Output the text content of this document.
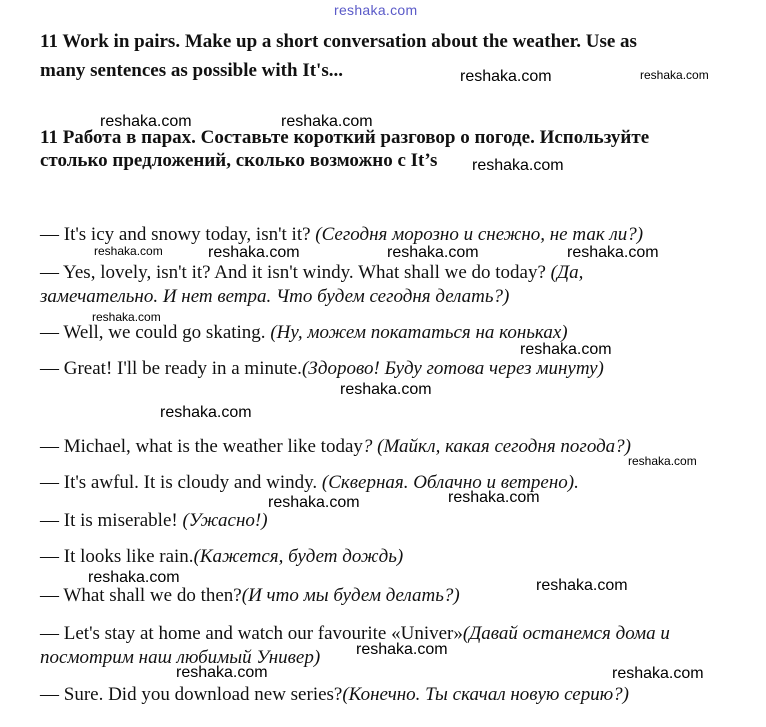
reshaka.com
11 Work in pairs. Make up a short conversation about the weather. Use as
many sentences as possible with It's...
11 Работа в парах. Составьте короткий разговор о погоде. Используйте
столько предложений, сколько возможно с It’s
— It's icy and snowy today, isn't it? (Сегодня морозно и снежно, не так ли?)
— Yes, lovely, isn't it? And it isn't windy. What shall we do today? (Да,
замечательно. И нет ветра. Что будем сегодня делать?)
— Well, we could go skating. (Ну, можем покататься на коньках)
— Great! I'll be ready in a minute.(Здорово! Буду готова через минуту)
— Michael, what is the weather like today? (Майкл, какая сегодня погода?)
— It's awful. It is cloudy and windy. (Скверная. Облачно и ветрено).
— It is miserable! (Ужасно!)
— It looks like rain.(Кажется, будет дождь)
— What shall we do then?(И что мы будем делать?)
— Let's stay at home and watch our favourite «Univer»(Давай останемся дома и
посмотрим наш любимый Универ)
— Sure. Did you download new series?(Конечно. Ты скачал новую серию?)
reshaka.com	reshaka.com
reshaka.com	reshaka.com
reshaka.com
reshaka.com	reshaka.com	reshaka.com	reshaka.com
reshaka.com
reshaka.com
reshaka.com
reshaka.com
reshaka.com
reshaka.com
reshaka.com
reshaka.com	reshaka.com
reshaka.com
reshaka.com	reshaka.com
